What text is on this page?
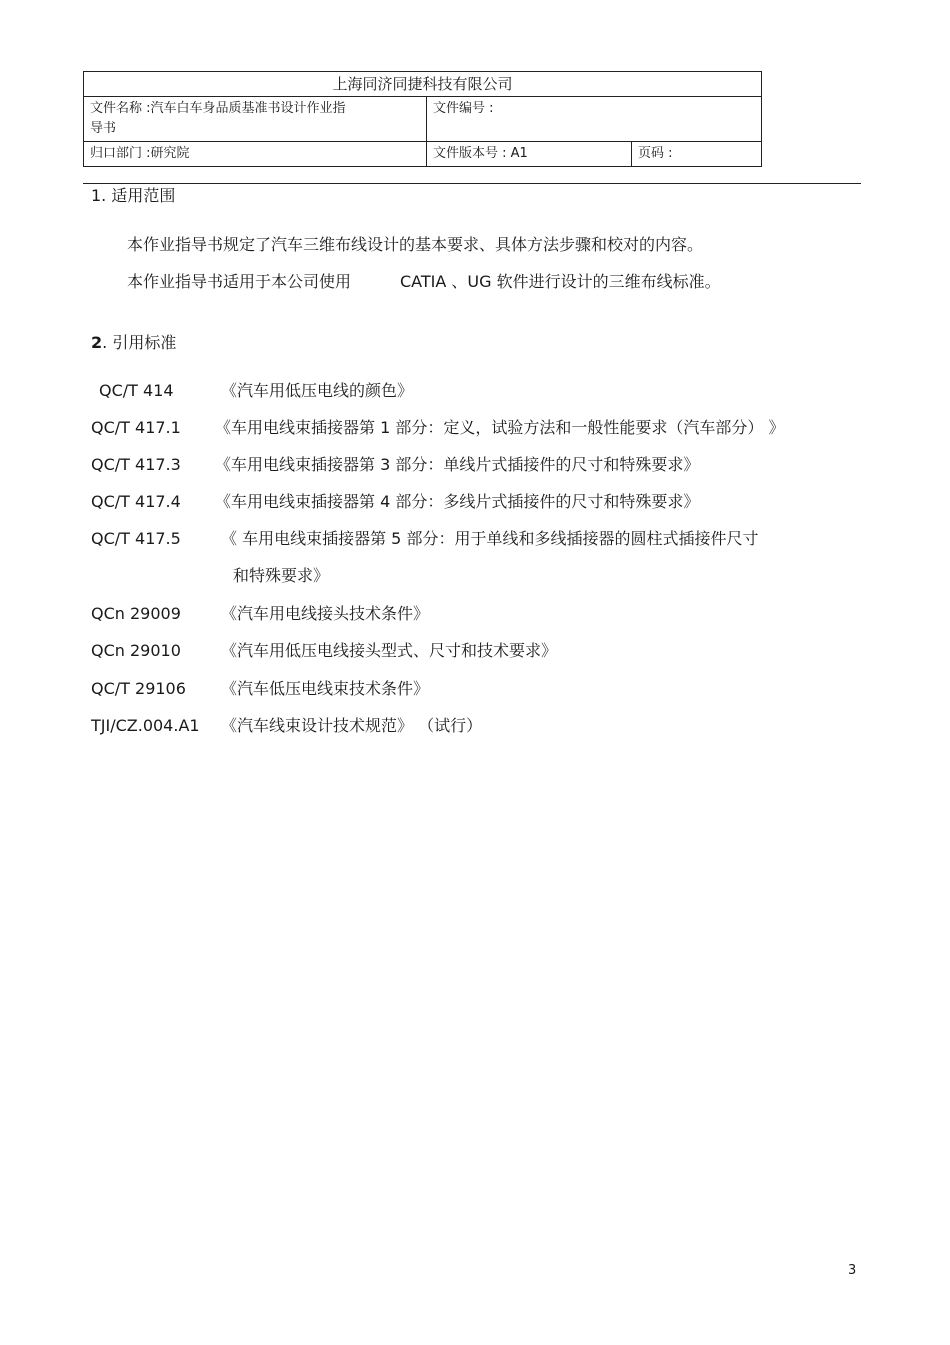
上海同济同捷科技有限公司		

文件名称 :汽车白车身品质基准书设计作业指
导书	文件编号 :	
归口部门 :研究院	文件版本号 : A1	页码 :
1. 适用范围
本作业指导书规定了汽车三维布线设计的基本要求、具体方法步骤和校对的内容。
本作业指导书适用于本公司使用	CATIA 、UG 软件进行设计的三维布线标准。
2. 引用标准
QC/T 414	《汽车用低压电线的颜色》
QC/T 417.1 《车用电线束插接器第 1 部分：定义，试验方法和一般性能要求（汽车部分） 》
QC/T 417.3 《车用电线束插接器第 3 部分：单线片式插接件的尺寸和特殊要求》
QC/T 417.4 《车用电线束插接器第 4 部分：多线片式插接件的尺寸和特殊要求》
QC/T 417.5	《 车用电线束插接器第 5 部分：用于单线和多线插接器的圆柱式插接件尺寸
和特殊要求》
QCn 29009	《汽车用电线接头技术条件》
QCn 29010	《汽车用低压电线接头型式、尺寸和技术要求》
QC/T 29106 《汽车低压电线束技术条件》
TJI/CZ.004.A1 《汽车线束设计技术规范》 （试行）
3
